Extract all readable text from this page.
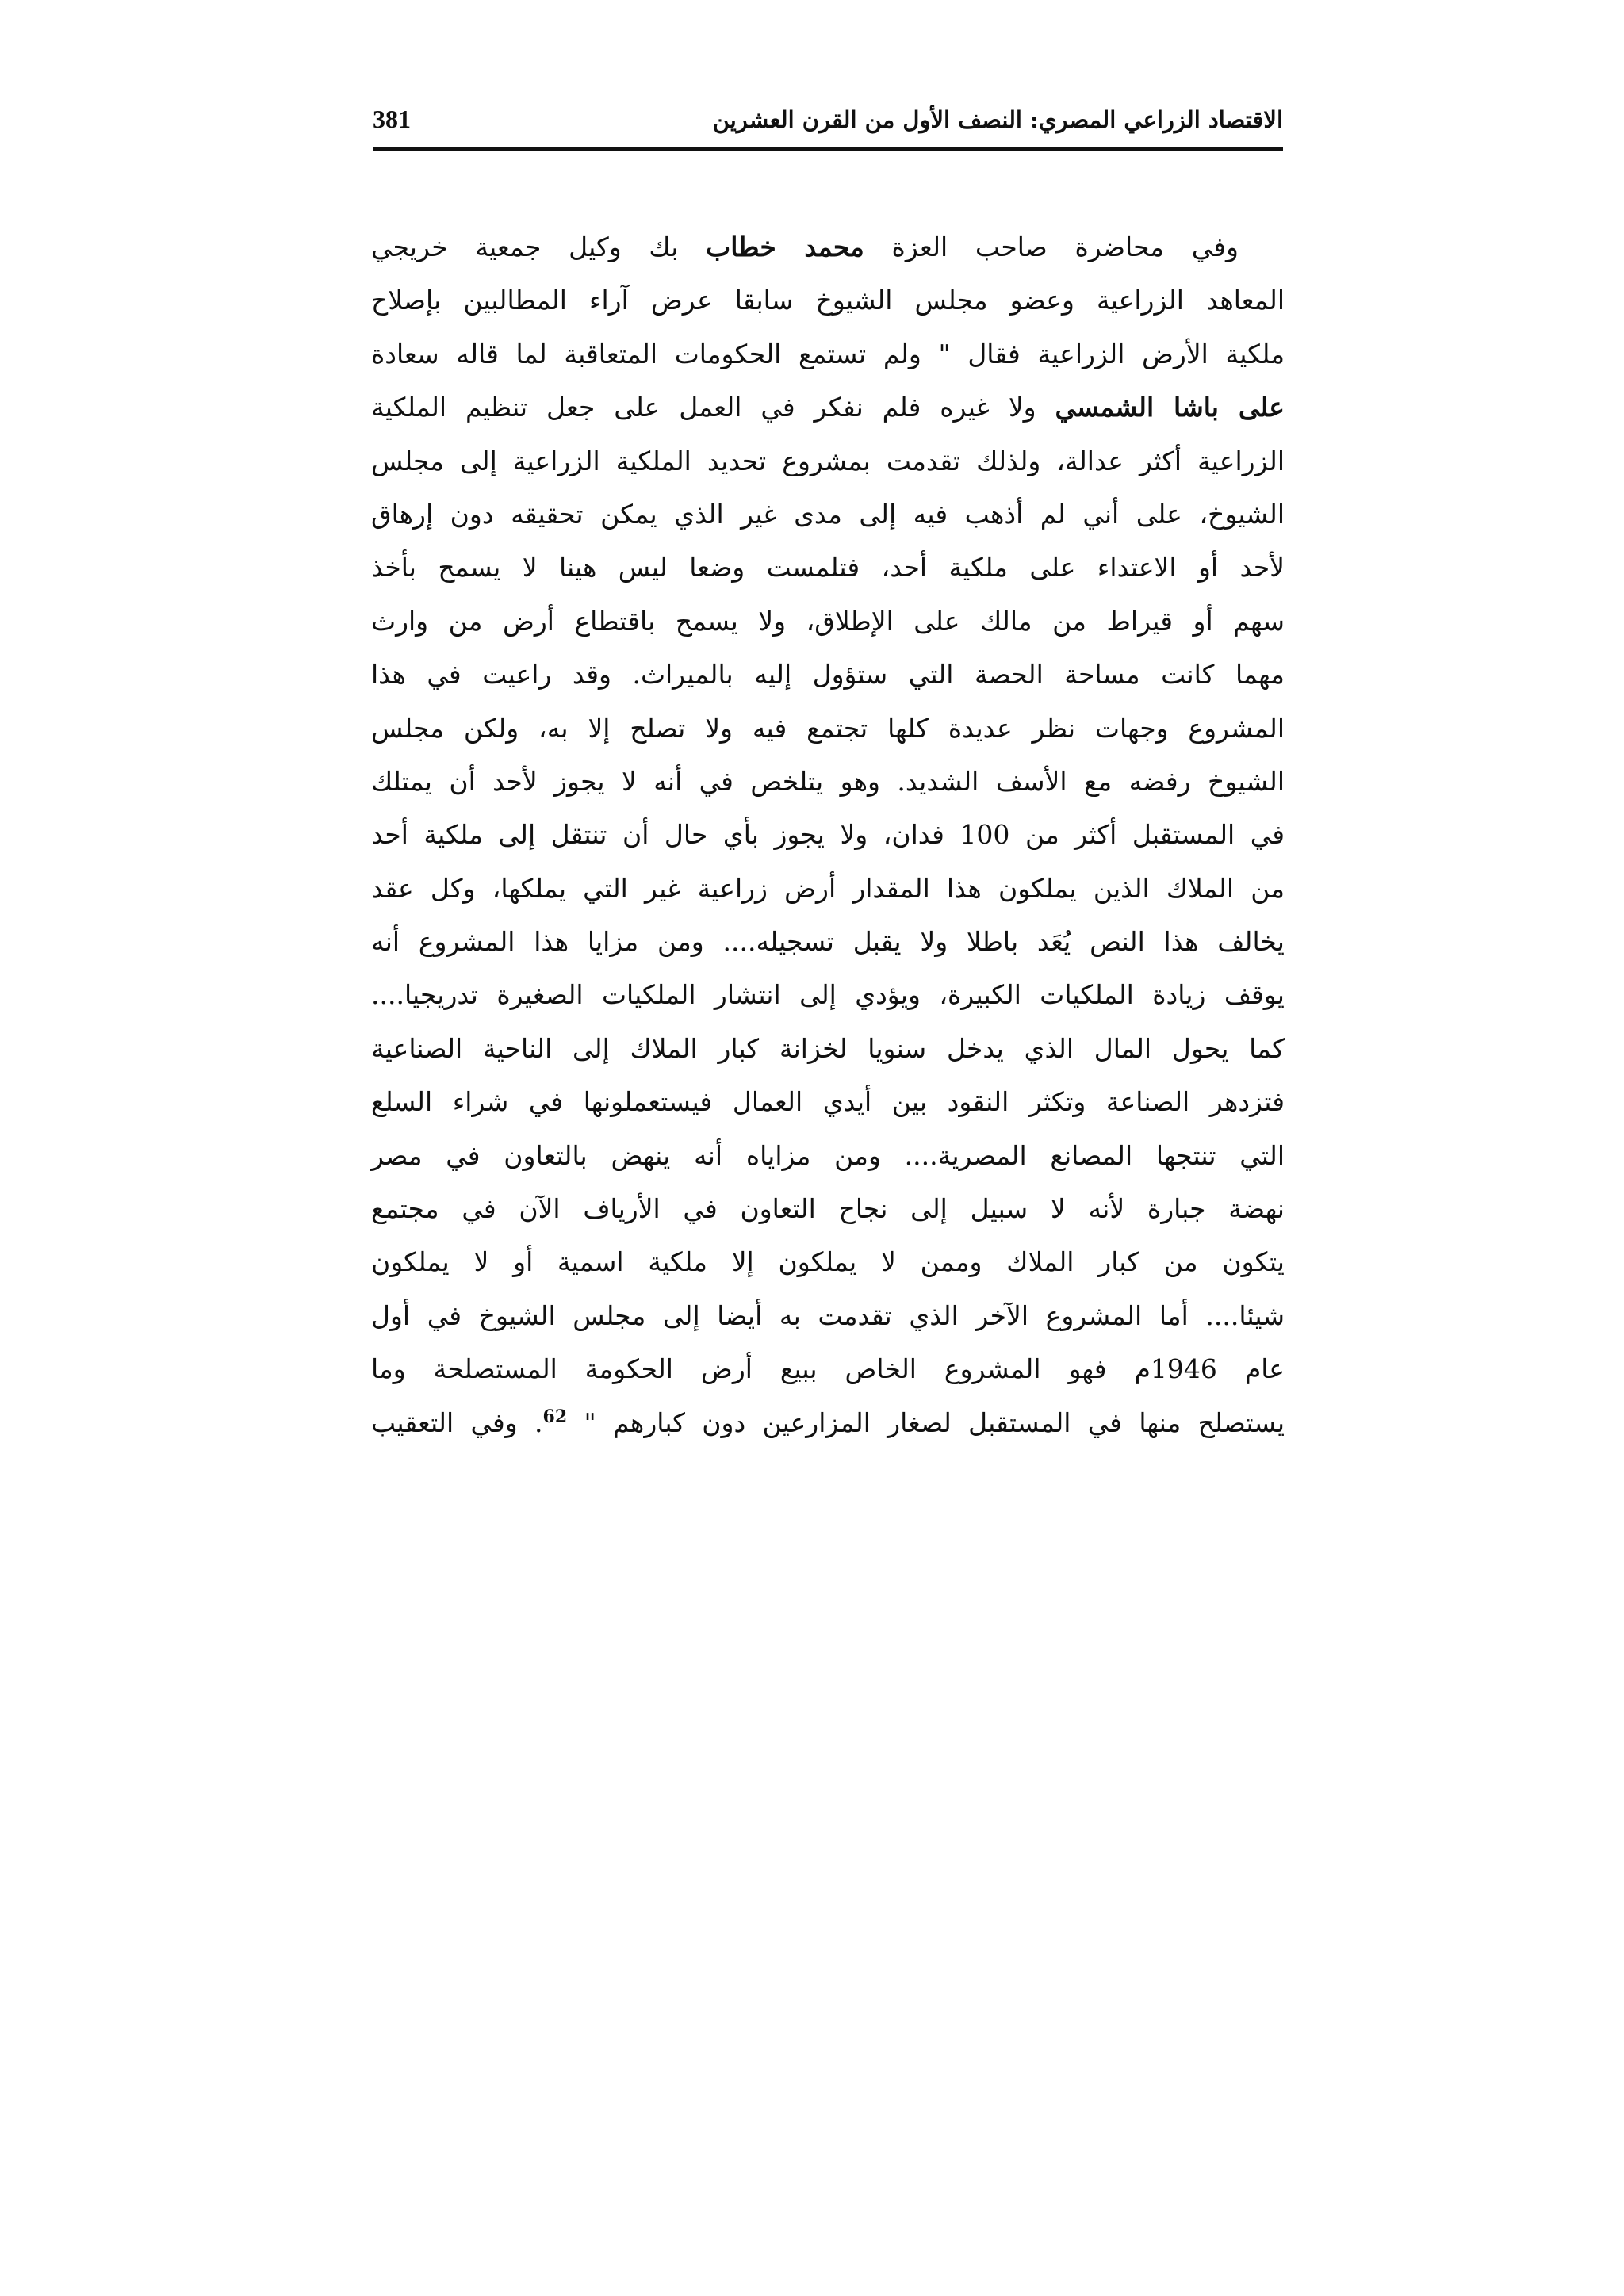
الاقتصاد الزراعي المصري: النصف الأول من القرن العشرين
381
وفي محاضرة صاحب العزة محمد خطاب بك وكيل جمعية خريجي
المعاهد الزراعية وعضو مجلس الشيوخ سابقا عرض آراء المطالبين بإصلاح
ملكية الأرض الزراعية فقال " ولم تستمع الحكومات المتعاقبة لما قاله سعادة
على باشا الشمسي ولا غيره فلم نفكر في العمل على جعل تنظيم الملكية
الزراعية أكثر عدالة، ولذلك تقدمت بمشروع تحديد الملكية الزراعية إلى مجلس
الشيوخ، على أني لم أذهب فيه إلى مدى غير الذي يمكن تحقيقه دون إرهاق
لأحد أو الاعتداء على ملكية أحد، فتلمست وضعا ليس هينا لا يسمح بأخذ
سهم أو قيراط من مالك على الإطلاق، ولا يسمح باقتطاع أرض من وارث
مهما كانت مساحة الحصة التي ستؤول إليه بالميراث. وقد راعيت في هذا
المشروع وجهات نظر عديدة كلها تجتمع فيه ولا تصلح إلا به، ولكن مجلس
الشيوخ رفضه مع الأسف الشديد. وهو يتلخص في أنه لا يجوز لأحد أن يمتلك
في المستقبل أكثر من 100 فدان، ولا يجوز بأي حال أن تنتقل إلى ملكية أحد
من الملاك الذين يملكون هذا المقدار أرض زراعية غير التي يملكها، وكل عقد
يخالف هذا النص يُعَد باطلا ولا يقبل تسجيله.... ومن مزايا هذا المشروع أنه
يوقف زيادة الملكيات الكبيرة، ويؤدي إلى انتشار الملكيات الصغيرة تدريجيا....
كما يحول المال الذي يدخل سنويا لخزانة كبار الملاك إلى الناحية الصناعية
فتزدهر الصناعة وتكثر النقود بين أيدي العمال فيستعملونها في شراء السلع
التي تنتجها المصانع المصرية.... ومن مزاياه أنه ينهض بالتعاون في مصر
نهضة جبارة لأنه لا سبيل إلى نجاح التعاون في الأرياف الآن في مجتمع
يتكون من كبار الملاك وممن لا يملكون إلا ملكية اسمية أو لا يملكون
شيئا.... أما المشروع الآخر الذي تقدمت به أيضا إلى مجلس الشيوخ في أول
عام 1946م فهو المشروع الخاص ببيع أرض الحكومة المستصلحة وما
يستصلح منها في المستقبل لصغار المزارعين دون كبارهم " $^{62}$. وفي التعقيب
